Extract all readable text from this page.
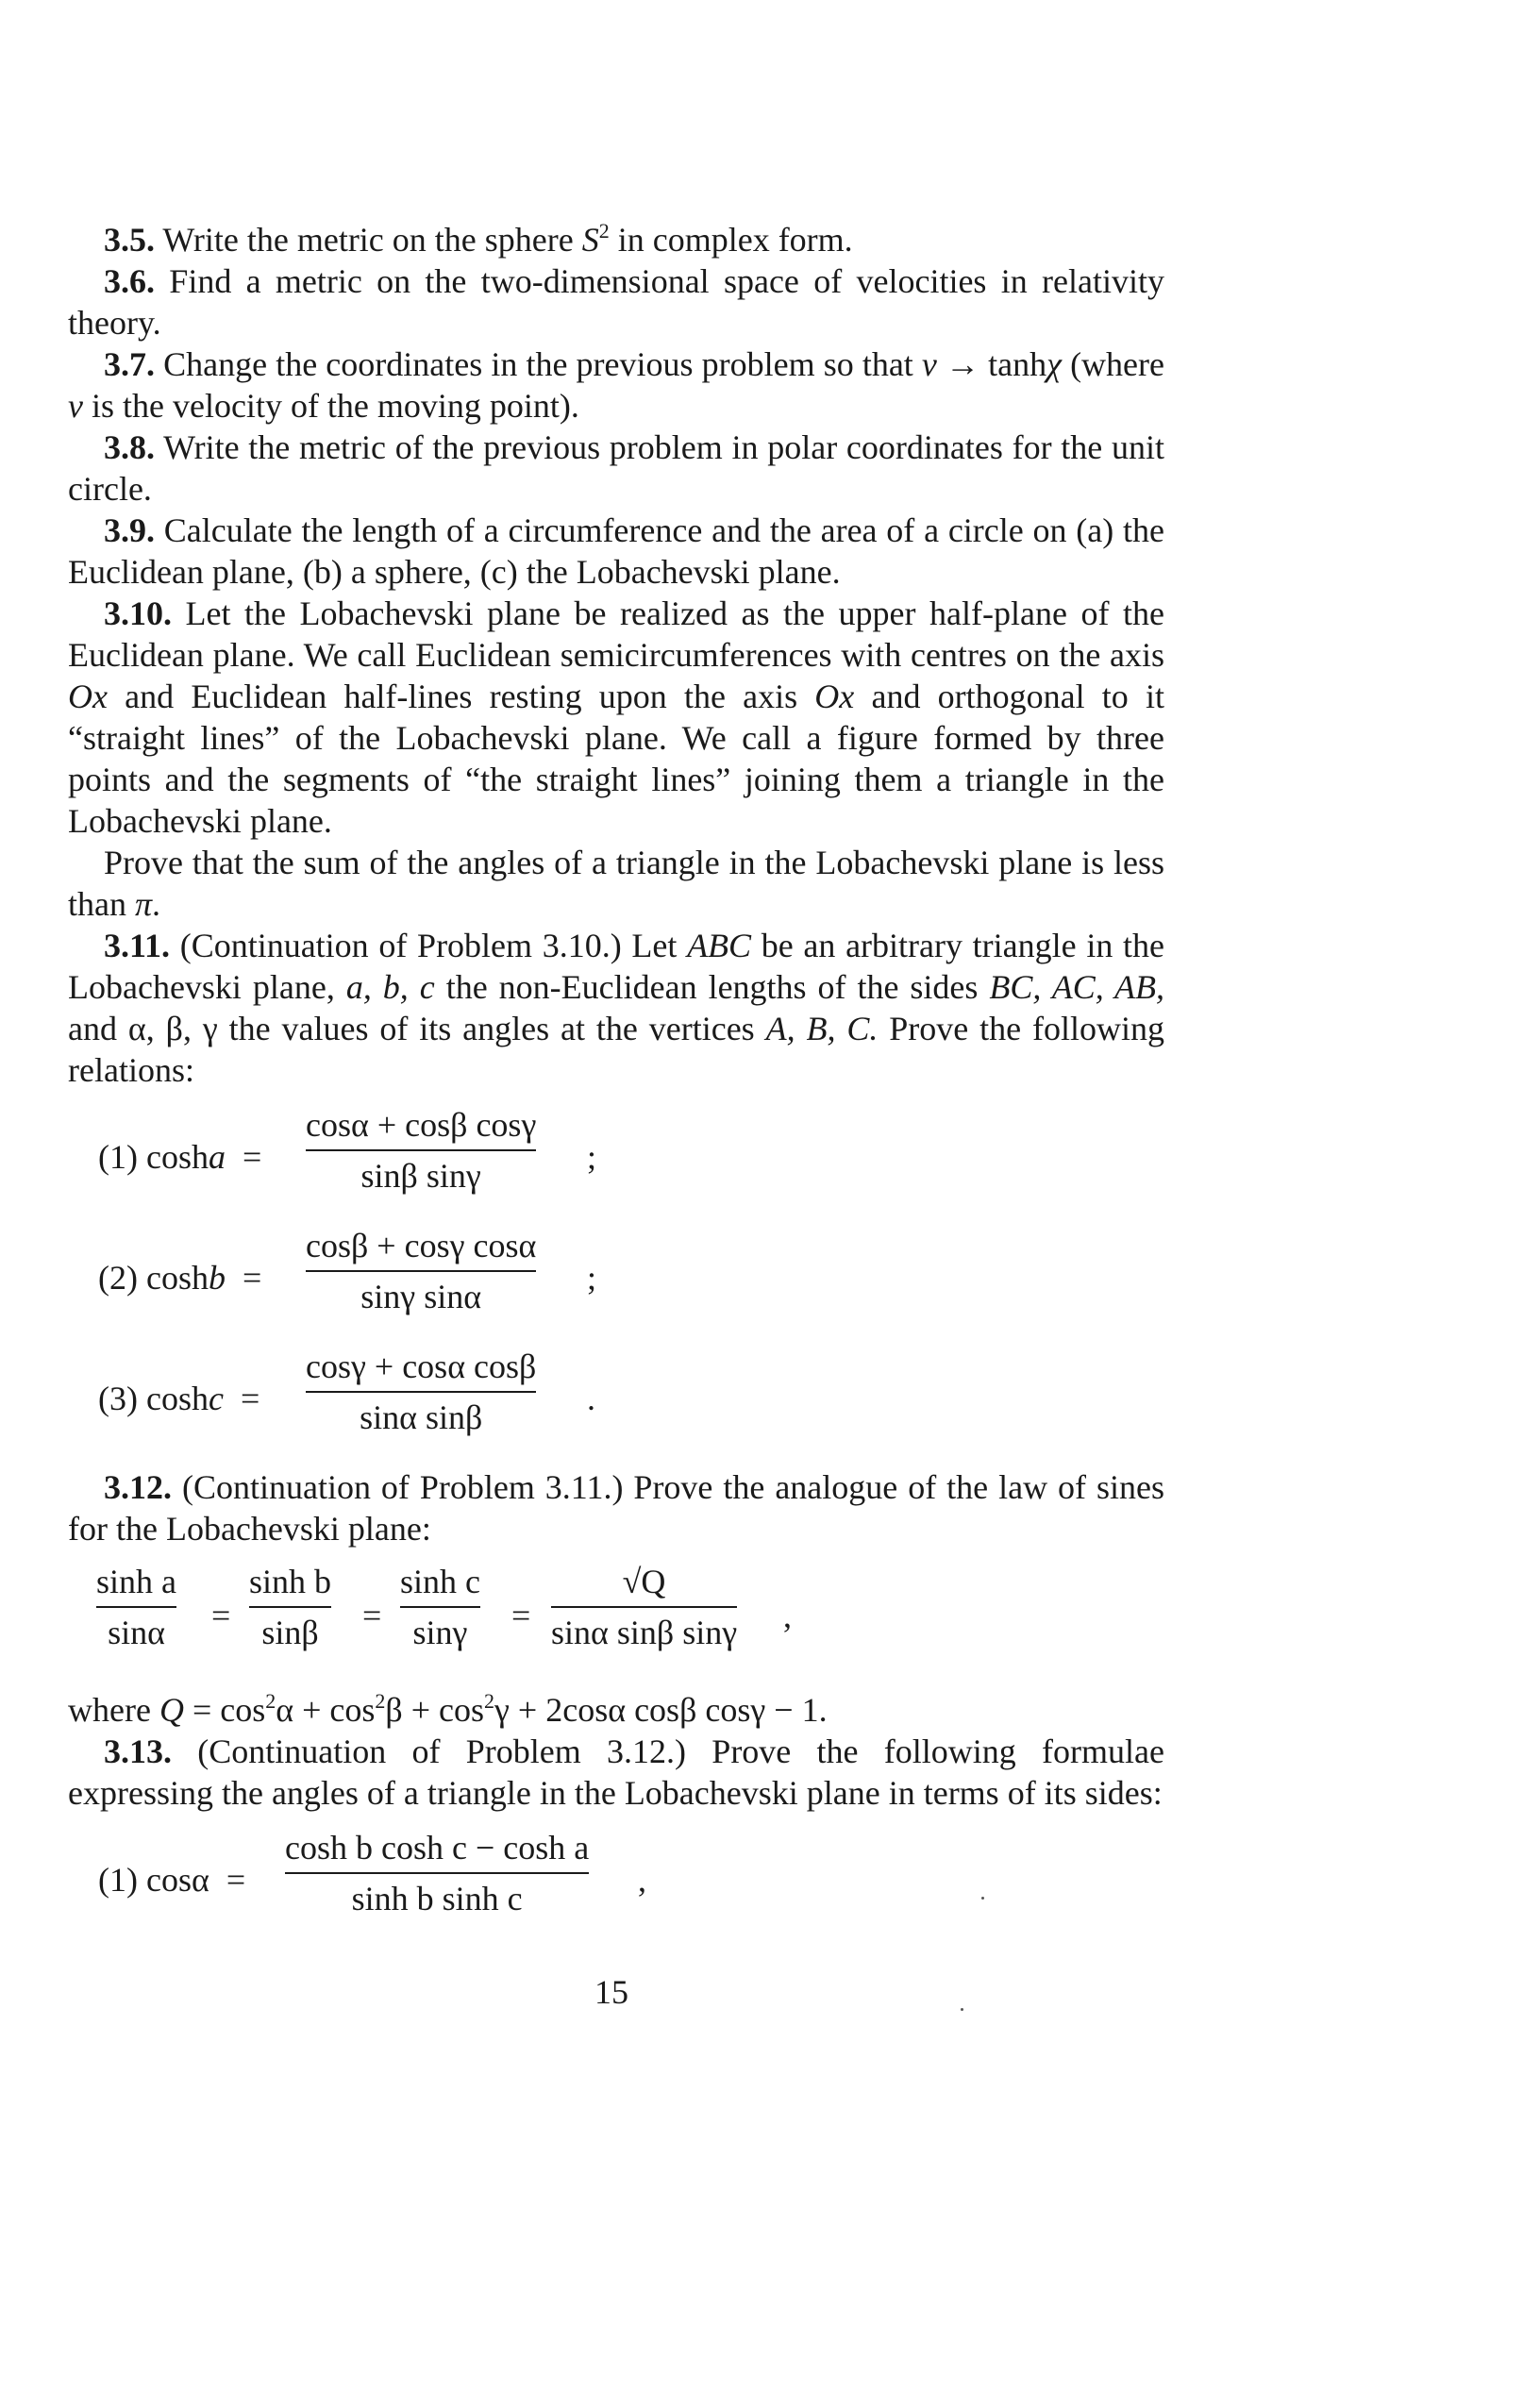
3.5. Write the metric on the sphere $S^2$ in complex form.

3.6. Find a metric on the two-dimensional space of velocities in relativity theory.

3.7. Change the coordinates in the previous problem so that v → tanhχ (where v is the velocity of the moving point).

3.8. Write the metric of the previous problem in polar coordinates for the unit circle.

3.9. Calculate the length of a circumference and the area of a circle on (a) the Euclidean plane, (b) a sphere, (c) the Lobachevski plane.

3.10. Let the Lobachevski plane be realized as the upper half-plane of the Euclidean plane. We call Euclidean semicircumferences with centres on the axis Ox and Euclidean half-lines resting upon the axis Ox and orthogonal to it “straight lines” of the Lobachevski plane. We call a figure formed by three points and the segments of “the straight lines” joining them a triangle in the Lobachevski plane.

Prove that the sum of the angles of a triangle in the Lobachevski plane is less than π.

3.11. (Continuation of Problem 3.10.) Let ABC be an arbitrary triangle in the Lobachevski plane, a, b, c the non-Euclidean lengths of the sides BC, AC, AB, and α, β, γ the values of its angles at the vertices A, B, C. Prove the following relations:

(1) cosha =
cosα + cosβ cosγ
sinβ sinγ	;
(2) coshb =
cosβ + cosγ cosα
sinγ sinα	;
(3) coshc =
cosγ + cosα cosβ
sinα sinβ	.

3.12. (Continuation of Problem 3.11.) Prove the analogue of the law of sines for the Lobachevski plane:

sinh a
sinα	=
sinh b
sinβ	=
sinh c
sinγ	=
√Q
sinα sinβ sinγ ,

where $Q = \cos^2\alpha + \cos^2\beta + \cos^2\gamma + 2\cos\alpha$ cosβ cosγ − 1.

3.13. (Continuation of Problem 3.12.) Prove the following formulae expressing the angles of a triangle in the Lobachevski plane in terms of its sides:

(1) cosα =
cosh b cosh c − cosh a
sinh b sinh c	,
15
